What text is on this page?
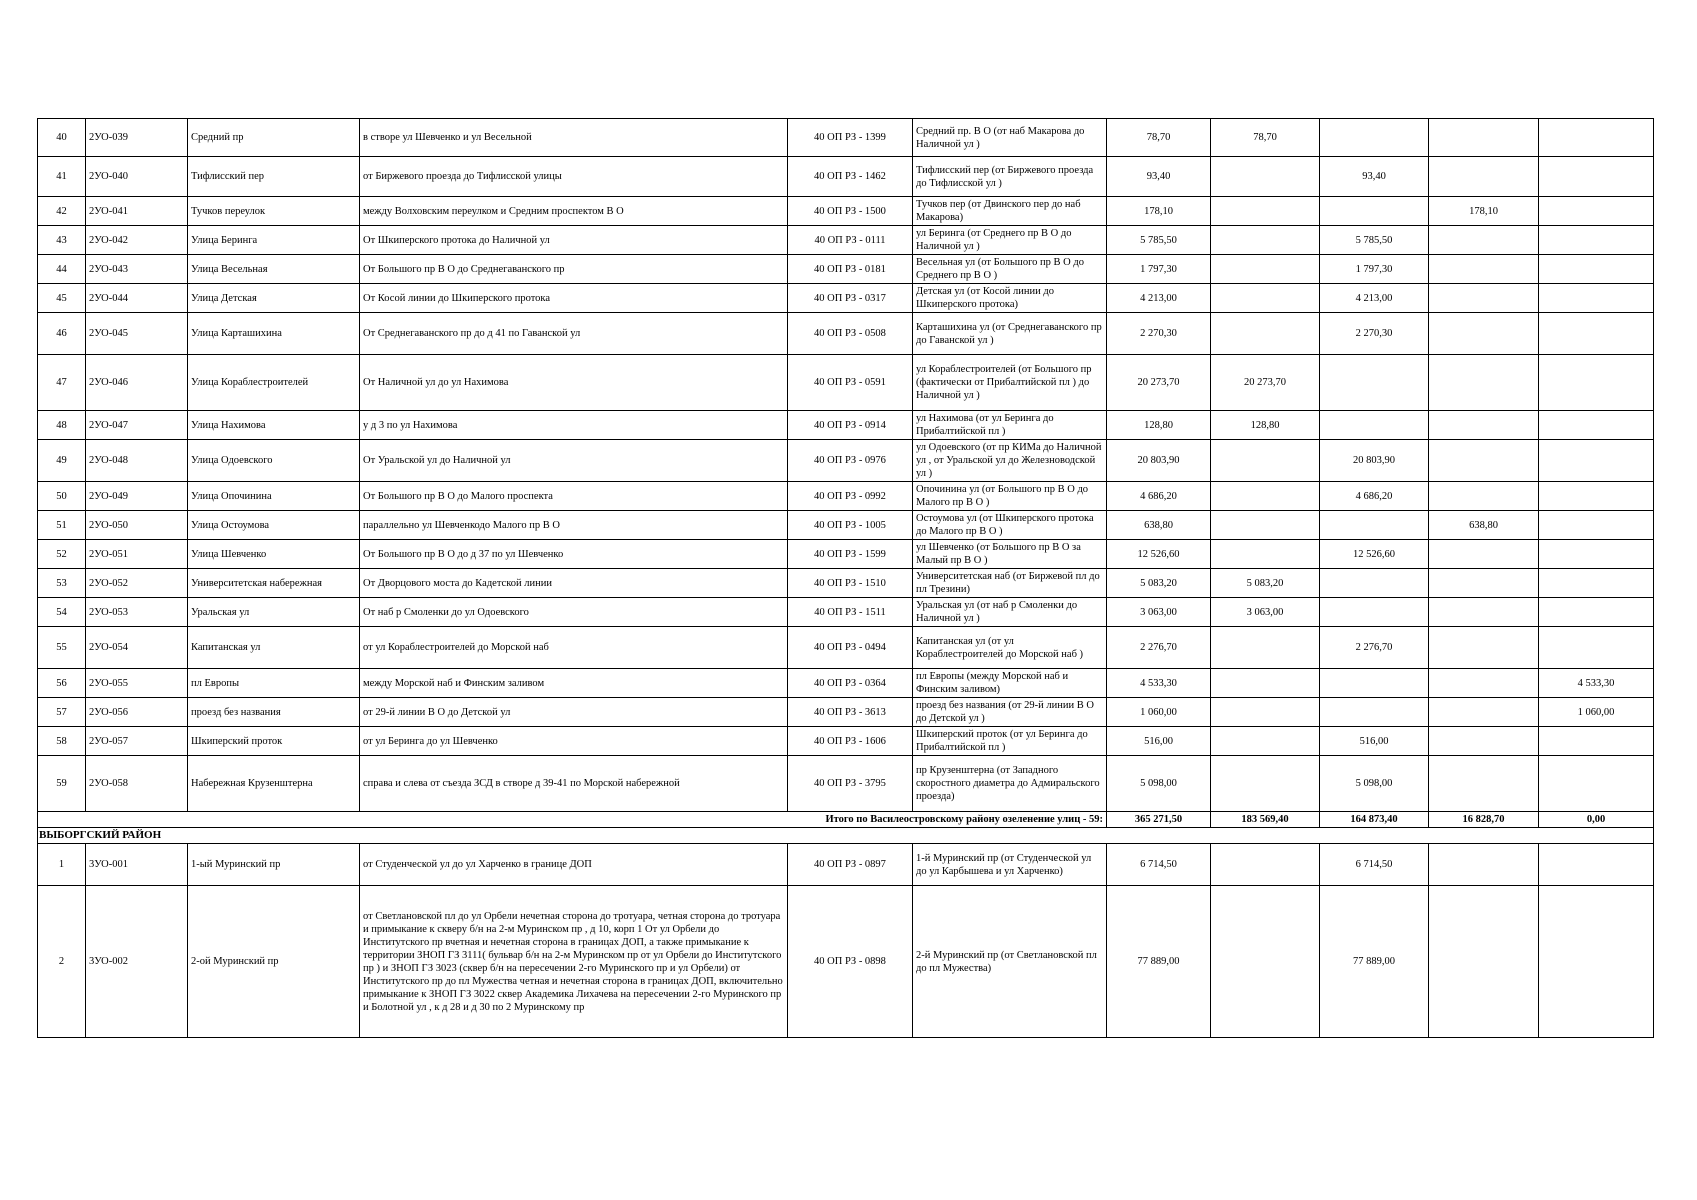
40	2УО-039	Средний пр	в створе ул Шевченко и ул Весельной	40 ОП РЗ - 1399	Средний пр. В О (от наб Макарова до Наличной ул )	78,70	78,70			
41	2УО-040	Тифлисский пер	от Биржевого проезда до Тифлисской улицы	40 ОП РЗ - 1462	Тифлисский пер (от Биржевого проезда до Тифлисской ул )	93,40		93,40		
42	2УО-041	Тучков переулок	между Волховским переулком и Средним проспектом В О	40 ОП РЗ - 1500	Тучков пер (от Двинского пер до наб Макарова)	178,10			178,10	
43	2УО-042	Улица Беринга	От Шкиперского протока до Наличной ул	40 ОП РЗ - 0111	ул Беринга (от Среднего пр В О до Наличной ул )	5 785,50		5 785,50		
44	2УО-043	Улица Весельная	От Большого пр В О до Среднегаванского пр	40 ОП РЗ - 0181	Весельная ул (от Большого пр В О до Среднего пр В О )	1 797,30		1 797,30		
45	2УО-044	Улица Детская	От Косой линии до Шкиперского протока	40 ОП РЗ - 0317	Детская ул (от Косой линии до Шкиперского протока)	4 213,00		4 213,00		
46	2УО-045	Улица Карташихина	От Среднегаванского пр до д 41 по Гаванской ул	40 ОП РЗ - 0508	Карташихина ул (от Среднегаванского пр до Гаванской ул )	2 270,30		2 270,30		
47	2УО-046	Улица Кораблестроителей	От Наличной ул до ул Нахимова	40 ОП РЗ - 0591	ул Кораблестроителей (от Большого пр (фактически от Прибалтийской пл ) до Наличной ул )	20 273,70	20 273,70			
48	2УО-047	Улица Нахимова	у д 3 по ул Нахимова	40 ОП РЗ - 0914	ул Нахимова (от ул Беринга до Прибалтийской пл )	128,80	128,80			
49	2УО-048	Улица Одоевского	От Уральской ул до Наличной ул	40 ОП РЗ - 0976	ул Одоевского (от пр КИМа до Наличной ул , от Уральской ул до Железноводской ул )	20 803,90		20 803,90		
50	2УО-049	Улица Опочинина	От Большого пр В О до Малого проспекта	40 ОП РЗ - 0992	Опочинина ул (от Большого пр В О до Малого пр В О )	4 686,20		4 686,20		
51	2УО-050	Улица Остоумова	параллельно ул Шевченкодо Малого пр В О	40 ОП РЗ - 1005	Остоумова ул (от Шкиперского протока до Малого пр В О )	638,80			638,80	
52	2УО-051	Улица Шевченко	От Большого пр В О до д 37 по ул Шевченко	40 ОП РЗ - 1599	ул Шевченко (от Большого пр В О за Малый пр В О )	12 526,60		12 526,60		
53	2УО-052	Университетская набережная	От Дворцового моста до Кадетской линии	40 ОП РЗ - 1510	Университетская наб (от Биржевой пл до пл Трезини)	5 083,20	5 083,20			
54	2УО-053	Уральская ул	От наб р Смоленки до ул Одоевского	40 ОП РЗ - 1511	Уральская ул (от наб р Смоленки до Наличной ул )	3 063,00	3 063,00			
55	2УО-054	Капитанская ул	от ул Кораблестроителей до Морской наб	40 ОП РЗ - 0494	Капитанская ул (от ул Кораблестроителей до Морской наб )	2 276,70		2 276,70		
56	2УО-055	пл Европы	между Морской наб и Финским заливом	40 ОП РЗ - 0364	пл Европы (между Морской наб и Финским заливом)	4 533,30				4 533,30
57	2УО-056	проезд без названия	от 29-й линии В О до Детской ул	40 ОП РЗ - 3613	проезд без названия (от 29-й линии В О до Детской ул )	1 060,00				1 060,00
58	2УО-057	Шкиперский проток	от ул Беринга до ул Шевченко	40 ОП РЗ - 1606	Шкиперский проток (от ул Беринга до Прибалтийской пл )	516,00		516,00		
59	2УО-058	Набережная Крузенштерна	справа и слева от съезда ЗСД в створе д 39-41 по Морской набережной	40 ОП РЗ - 3795	пр Крузенштерна (от Западного скоростного диаметра до Адмиральского проезда)	5 098,00		5 098,00		
				Итого по Василеостровскому району озеленение улиц - 59:		365 271,50	183 569,40	164 873,40	16 828,70	0,00
ВЫБОРГСКИЙ РАЙОН										
1	3УО-001	1-ый Муринский пр	от Студенческой ул до ул Харченко в границе ДОП	40 ОП РЗ - 0897	1-й Муринский пр (от Студенческой ул до ул Карбышева и ул Харченко)	6 714,50		6 714,50		
2	3УО-002	2-ой Муринский пр	от Светлановской пл до ул Орбели нечетная сторона до тротуара, четная сторона до тротуара и примыкание к скверу б/н на 2-м Муринском пр , д 10, корп 1 От ул Орбели до Институтского пр вчетная и нечетная сторона в границах ДОП, а также примыкание к территории ЗНОП ГЗ 3111( бульвар б/н на 2-м Муринском пр от ул Орбели до Институтского пр ) и ЗНОП ГЗ 3023 (сквер б/н на пересечении 2-го Муринского пр и ул Орбели) от Институтского пр до пл Мужества четная и нечетная сторона в границах ДОП, включительно примыкание к ЗНОП ГЗ 3022 сквер Академика Лихачева на пересечении 2-го Муринского пр и Болотной ул , к д 28 и д 30 по 2 Муринскому пр	40 ОП РЗ - 0898	2-й Муринский пр (от Светлановской пл до пл Мужества)	77 889,00		77 889,00		
